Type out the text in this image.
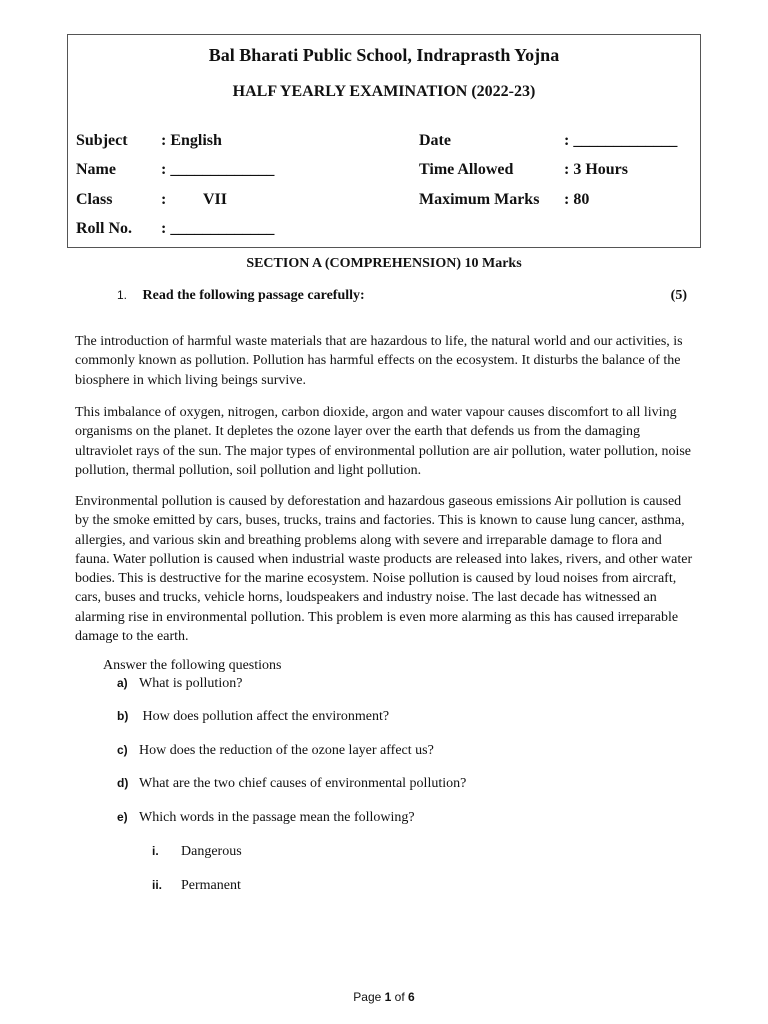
Bal Bharati Public School, Indraprasth Yojna
HALF YEARLY EXAMINATION (2022-23)
Subject : English
Name	: _____________
Class	: VII
Roll No. : _____________
Date	: _____________
Time Allowed	: 3 Hours
Maximum Marks : 80
SECTION A (COMPREHENSION) 10 Marks
1. Read the following passage carefully:	(5)

The introduction of harmful waste materials that are hazardous to life, the natural world and our activities, is commonly known as pollution. Pollution has harmful effects on the ecosystem. It disturbs the balance of the biosphere in which living beings survive.

This imbalance of oxygen, nitrogen, carbon dioxide, argon and water vapour causes discomfort to all living organisms on the planet. It depletes the ozone layer over the earth that defends us from the damaging ultraviolet rays of the sun. The major types of environmental pollution are air pollution, water pollution, noise pollution, thermal pollution, soil pollution and light pollution.

Environmental pollution is caused by deforestation and hazardous gaseous emissions Air pollution is caused by the smoke emitted by cars, buses, trucks, trains and factories. This is known to cause lung cancer, asthma, allergies, and various skin and breathing problems along with severe and irreparable damage to flora and fauna. Water pollution is caused when industrial waste products are released into lakes, rivers, and other water bodies. This is destructive for the marine ecosystem. Noise pollution is caused by loud noises from aircraft, cars, buses and trucks, vehicle horns, loudspeakers and industry noise. The last decade has witnessed an alarming rise in environmental pollution. This problem is even more alarming as this has caused irreparable damage to the earth.

Answer the following questions
a) What is pollution?
b) How does pollution affect the environment?
c) How does the reduction of the ozone layer affect us?
d) What are the two chief causes of environmental pollution?
e) Which words in the passage mean the following?
i. Dangerous
ii. Permanent
Page 1 of 6
